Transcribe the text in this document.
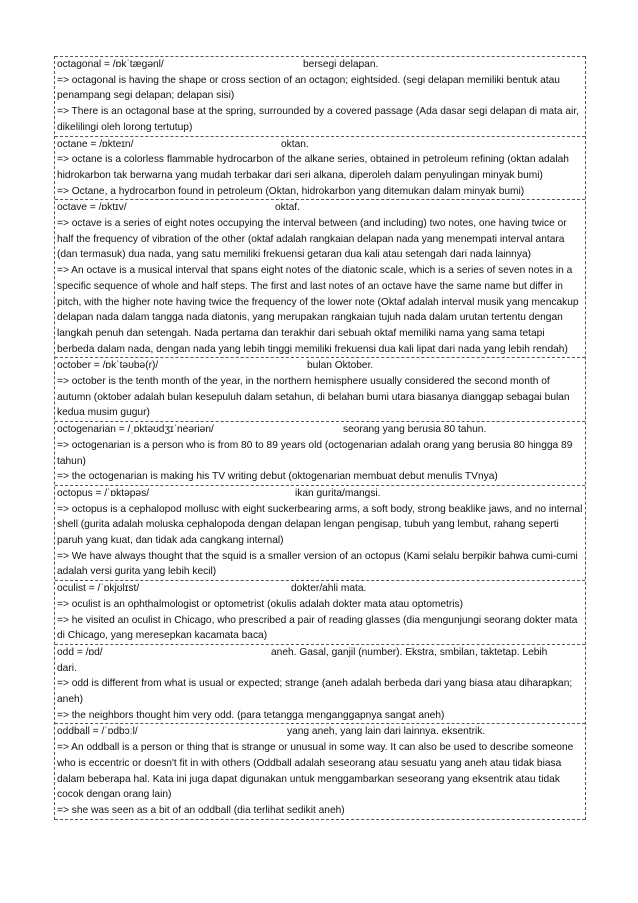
octagonal = /ɒkˈtæɡənl/	bersegi delapan.
=> octagonal is having the shape or cross section of an octagon; eightsided. (segi delapan memiliki bentuk atau penampang segi delapan; delapan sisi)
=> There is an octagonal base at the spring, surrounded by a covered passage (Ada dasar segi delapan di mata air, dikelilingi oleh lorong tertutup)
octane = /ɒkteɪn/	oktan.
=> octane is a colorless flammable hydrocarbon of the alkane series, obtained in petroleum refining (oktan adalah hidrokarbon tak berwarna yang mudah terbakar dari seri alkana, diperoleh dalam penyulingan minyak bumi)
=> Octane, a hydrocarbon found in petroleum (Oktan, hidrokarbon yang ditemukan dalam minyak bumi)
octave = /ɒktɪv/	oktaf.
=> octave is a series of eight notes occupying the interval between (and including) two notes, one having twice or half the frequency of vibration of the other (oktaf adalah rangkaian delapan nada yang menempati interval antara (dan termasuk) dua nada, yang satu memiliki frekuensi getaran dua kali atau setengah dari nada lainnya)
=> An octave is a musical interval that spans eight notes of the diatonic scale, which is a series of seven notes in a specific sequence of whole and half steps. The first and last notes of an octave have the same name but differ in pitch, with the higher note having twice the frequency of the lower note (Oktaf adalah interval musik yang mencakup delapan nada dalam tangga nada diatonis, yang merupakan rangkaian tujuh nada dalam urutan tertentu dengan langkah penuh dan setengah. Nada pertama dan terakhir dari sebuah oktaf memiliki nama yang sama tetapi berbeda dalam nada, dengan nada yang lebih tinggi memiliki frekuensi dua kali lipat dari nada yang lebih rendah)
october = /ɒkˈtəʊbə(r)/	bulan Oktober.
=> october is the tenth month of the year, in the northern hemisphere usually considered the second month of autumn (oktober adalah bulan kesepuluh dalam setahun, di belahan bumi utara biasanya dianggap sebagai bulan kedua musim gugur)
octogenarian = /ˌɒktəʊdʒɪˈneəriən/	seorang yang berusia 80 tahun.
=> octogenarian is a person who is from 80 to 89 years old (octogenarian adalah orang yang berusia 80 hingga 89 tahun)
=> the octogenarian is making his TV writing debut (oktogenarian membuat debut menulis TVnya)
octopus = /ˈɒktəpəs/	ikan gurita/mangsi.
=> octopus is a cephalopod mollusc with eight suckerbearing arms, a soft body, strong beaklike jaws, and no internal shell (gurita adalah moluska cephalopoda dengan delapan lengan pengisap, tubuh yang lembut, rahang seperti paruh yang kuat, dan tidak ada cangkang internal)
=> We have always thought that the squid is a smaller version of an octopus (Kami selalu berpikir bahwa cumi-cumi adalah versi gurita yang lebih kecil)
oculist = /ˈɒkjʊlɪst/	dokter/ahli mata.
=> oculist is an ophthalmologist or optometrist (okulis adalah dokter mata atau optometris)
=> he visited an oculist in Chicago, who prescribed a pair of reading glasses (dia mengunjungi seorang dokter mata di Chicago, yang meresepkan kacamata baca)
odd = /ɒd/	aneh. Gasal, ganjil (number). Ekstra, smbilan, taktetap. Lebih
dari.
=> odd is different from what is usual or expected; strange (aneh adalah berbeda dari yang biasa atau diharapkan; aneh)
=> the neighbors thought him very odd. (para tetangga menganggapnya sangat aneh)
oddball = /ˈɒdbɔːl/	yang aneh, yang lain dari lainnya. eksentrik.
=> An oddball is a person or thing that is strange or unusual in some way. It can also be used to describe someone who is eccentric or doesn't fit in with others (Oddball adalah seseorang atau sesuatu yang aneh atau tidak biasa dalam beberapa hal. Kata ini juga dapat digunakan untuk menggambarkan seseorang yang eksentrik atau tidak cocok dengan orang lain)
=> she was seen as a bit of an oddball (dia terlihat sedikit aneh)
